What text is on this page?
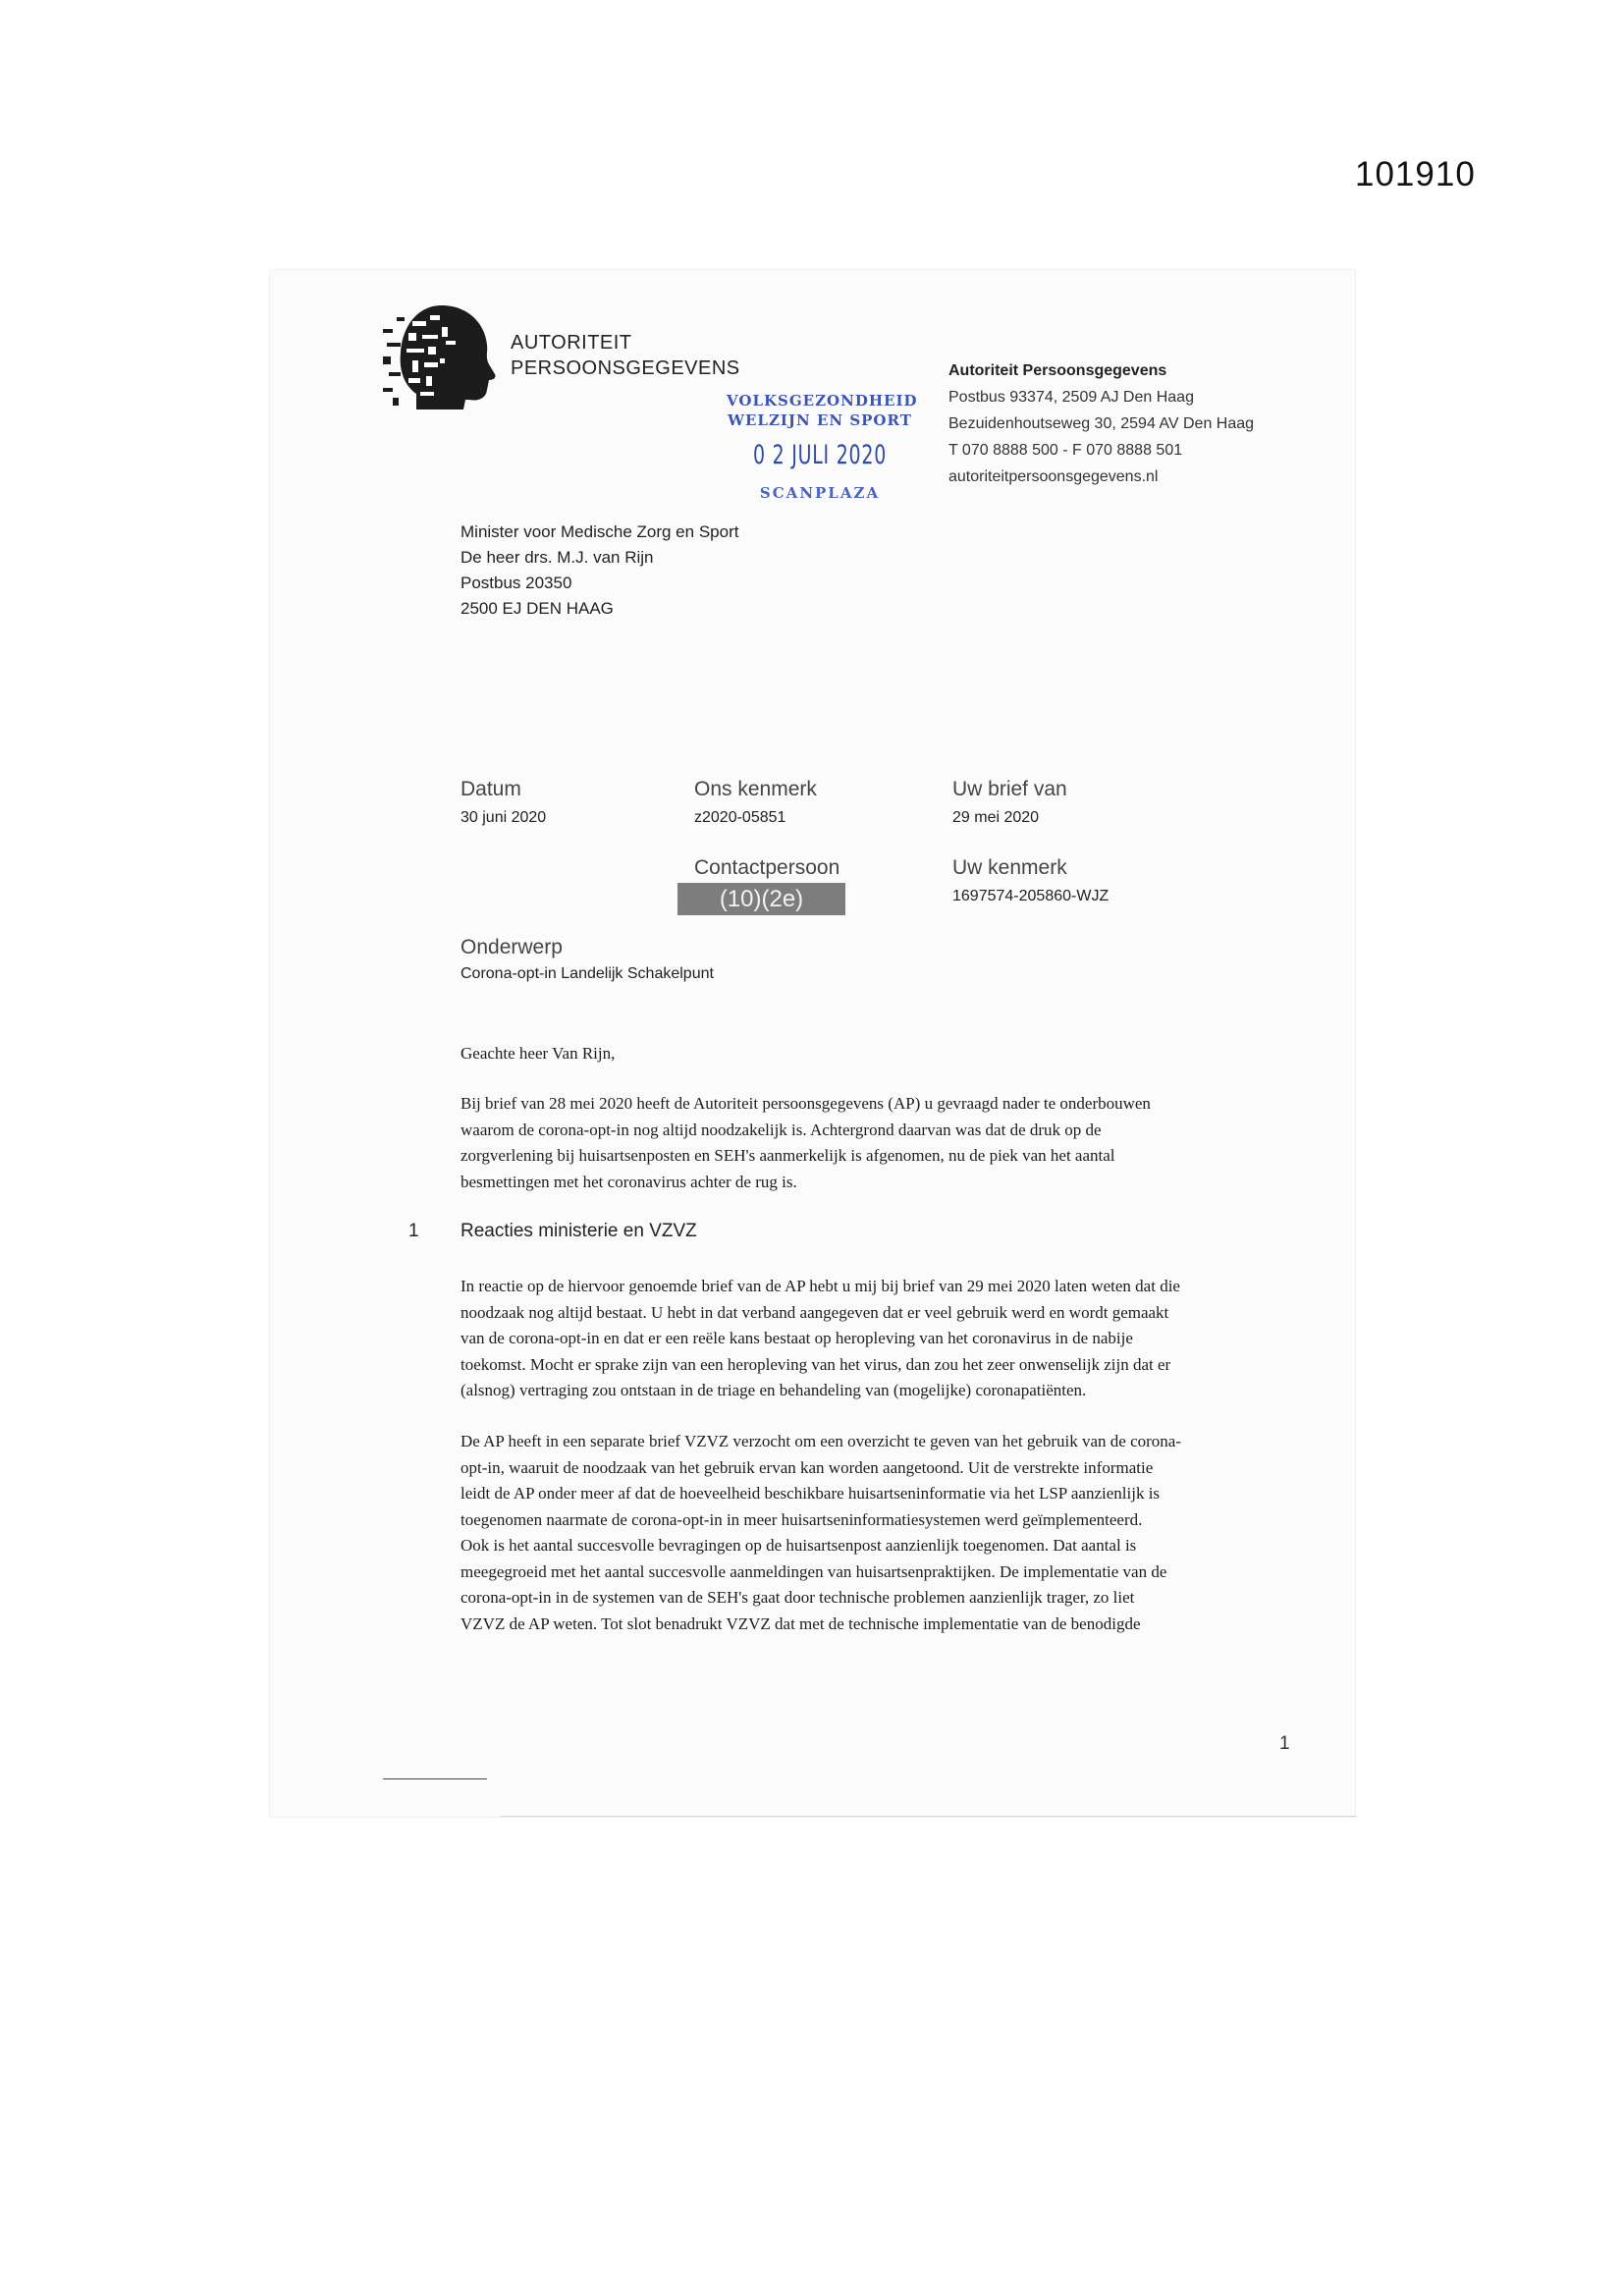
101910
AUTORITEIT
PERSOONSGEGEVENS
VOLKSGEZONDHEID
WELZIJN EN SPORT
0 2 JULI 2020
SCANPLAZA
Autoriteit Persoonsgegevens
Postbus 93374, 2509 AJ Den Haag
Bezuidenhoutseweg 30, 2594 AV Den Haag
T 070 8888 500 - F 070 8888 501
autoriteitpersoonsgegevens.nl
Minister voor Medische Zorg en Sport
De heer drs. M.J. van Rijn
Postbus 20350
2500 EJ DEN HAAG
Datum
30 juni 2020
Ons kenmerk
z2020-05851
Uw brief van
29 mei 2020
Contactpersoon
(10)(2e)
Uw kenmerk
1697574-205860-WJZ
Onderwerp
Corona-opt-in Landelijk Schakelpunt
Geachte heer Van Rijn,

Bij brief van 28 mei 2020 heeft de Autoriteit persoonsgegevens (AP) u gevraagd nader te onderbouwen

waarom de corona-opt-in nog altijd noodzakelijk is. Achtergrond daarvan was dat de druk op de

zorgverlening bij huisartsenposten en SEH's aanmerkelijk is afgenomen, nu de piek van het aantal

besmettingen met het coronavirus achter de rug is.

1 Reacties ministerie en VZVZ

In reactie op de hiervoor genoemde brief van de AP hebt u mij bij brief van 29 mei 2020 laten weten dat die

noodzaak nog altijd bestaat. U hebt in dat verband aangegeven dat er veel gebruik werd en wordt gemaakt

van de corona-opt-in en dat er een reële kans bestaat op heropleving van het coronavirus in de nabije

toekomst. Mocht er sprake zijn van een heropleving van het virus, dan zou het zeer onwenselijk zijn dat er

(alsnog) vertraging zou ontstaan in de triage en behandeling van (mogelijke) coronapatiënten.

De AP heeft in een separate brief VZVZ verzocht om een overzicht te geven van het gebruik van de corona-

opt-in, waaruit de noodzaak van het gebruik ervan kan worden aangetoond. Uit de verstrekte informatie

leidt de AP onder meer af dat de hoeveelheid beschikbare huisartseninformatie via het LSP aanzienlijk is

toegenomen naarmate de corona-opt-in in meer huisartseninformatiesystemen werd geïmplementeerd.

Ook is het aantal succesvolle bevragingen op de huisartsenpost aanzienlijk toegenomen. Dat aantal is

meegegroeid met het aantal succesvolle aanmeldingen van huisartsenpraktijken. De implementatie van de

corona-opt-in in de systemen van de SEH's gaat door technische problemen aanzienlijk trager, zo liet

VZVZ de AP weten. Tot slot benadrukt VZVZ dat met de technische implementatie van de benodigde

1
